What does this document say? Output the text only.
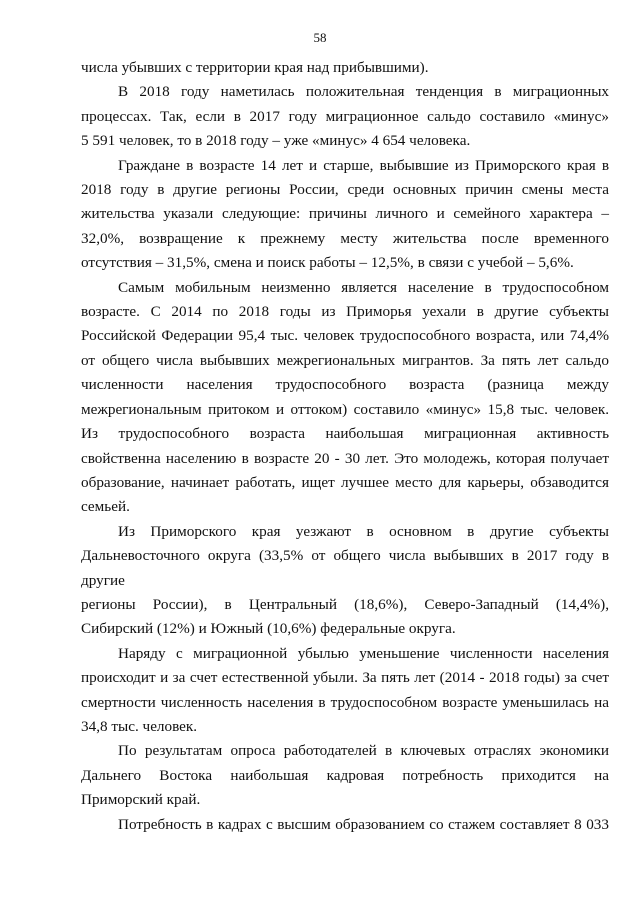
58
числа убывших с территории края над прибывшими).
В 2018 году наметилась положительная тенденция в миграционных
процессах. Так, если в 2017 году миграционное сальдо составило «минус»
5 591 человек, то в 2018 году – уже «минус» 4 654 человека.
Граждане в возрасте 14 лет и старше, выбывшие из Приморского края в
2018 году в другие регионы России, среди основных причин смены места
жительства указали следующие: причины личного и семейного характера –
32,0%, возвращение к прежнему месту жительства после временного
отсутствия – 31,5%, смена и поиск работы – 12,5%, в связи с учебой – 5,6%.
Самым мобильным неизменно является население в трудоспособном
возрасте. С 2014 по 2018 годы из Приморья уехали в другие субъекты
Российской Федерации 95,4 тыс. человек трудоспособного возраста, или 74,4%
от общего числа выбывших межрегиональных мигрантов. За пять лет сальдо
численности населения трудоспособного возраста (разница между
межрегиональным притоком и оттоком) составило «минус» 15,8 тыс. человек.
Из трудоспособного возраста наибольшая миграционная активность
свойственна населению в возрасте 20 - 30 лет. Это молодежь, которая получает
образование, начинает работать, ищет лучшее место для карьеры, обзаводится
семьей.
Из Приморского края уезжают в основном в другие субъекты
Дальневосточного округа (33,5% от общего числа выбывших в 2017 году в
другие
регионы России), в Центральный (18,6%), Северо-Западный (14,4%),
Сибирский (12%) и Южный (10,6%) федеральные округа.
Наряду с миграционной убылью уменьшение численности населения
происходит и за счет естественной убыли. За пять лет (2014 - 2018 годы) за счет
смертности численность населения в трудоспособном возрасте уменьшилась на
34,8 тыс. человек.
По результатам опроса работодателей в ключевых отраслях экономики
Дальнего Востока наибольшая кадровая потребность приходится на
Приморский край.
Потребность в кадрах с высшим образованием со стажем составляет 8 033
